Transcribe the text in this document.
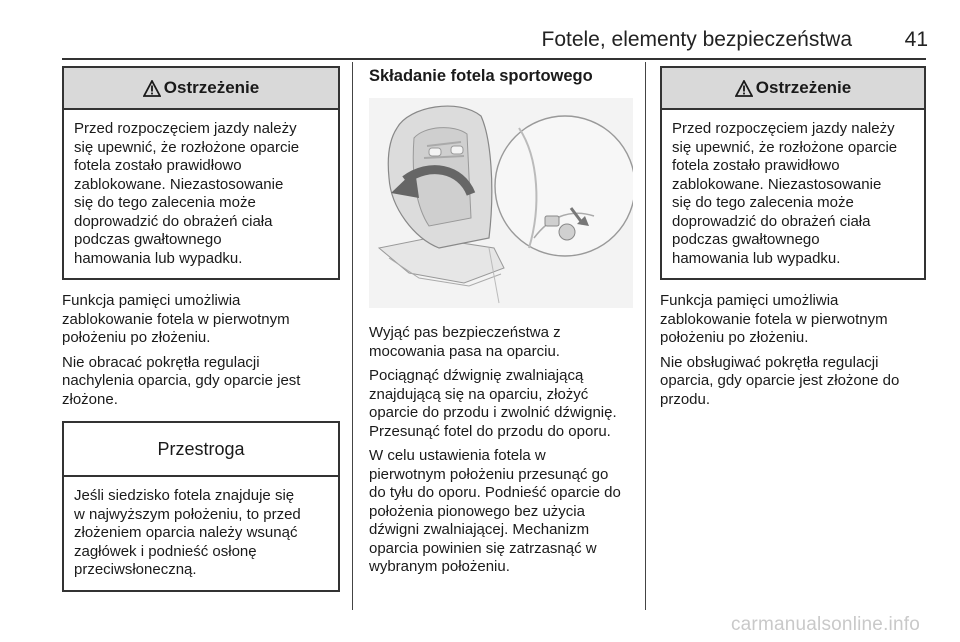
Fotele, elementy bezpieczeństwa	41
Ostrzeżenie
Przed rozpoczęciem jazdy należy
się upewnić, że rozłożone oparcie
fotela zostało prawidłowo
zablokowane. Niezastosowanie
się do tego zalecenia może
doprowadzić do obrażeń ciała
podczas gwałtownego
hamowania lub wypadku.
Funkcja pamięci umożliwia
zablokowanie fotela w pierwotnym
położeniu po złożeniu.
Nie obracać pokrętła regulacji
nachylenia oparcia, gdy oparcie jest
złożone.
Przestroga
Jeśli siedzisko fotela znajduje się
w najwyższym położeniu, to przed
złożeniem oparcia należy wsunąć
zagłówek i podnieść osłonę
przeciwsłoneczną.
Składanie fotela sportowego
Wyjąć pas bezpieczeństwa z
mocowania pasa na oparciu.
Pociągnąć dźwignię zwalniającą
znajdującą się na oparciu, złożyć
oparcie do przodu i zwolnić dźwignię.
Przesunąć fotel do przodu do oporu.
W celu ustawienia fotela w
pierwotnym położeniu przesunąć go
do tyłu do oporu. Podnieść oparcie do
położenia pionowego bez użycia
dźwigni zwalniającej. Mechanizm
oparcia powinien się zatrzasnąć w
wybranym położeniu.
Ostrzeżenie
Przed rozpoczęciem jazdy należy
się upewnić, że rozłożone oparcie
fotela zostało prawidłowo
zablokowane. Niezastosowanie
się do tego zalecenia może
doprowadzić do obrażeń ciała
podczas gwałtownego
hamowania lub wypadku.
Funkcja pamięci umożliwia
zablokowanie fotela w pierwotnym
położeniu po złożeniu.
Nie obsługiwać pokrętła regulacji
oparcia, gdy oparcie jest złożone do
przodu.
carmanualsonline.info
